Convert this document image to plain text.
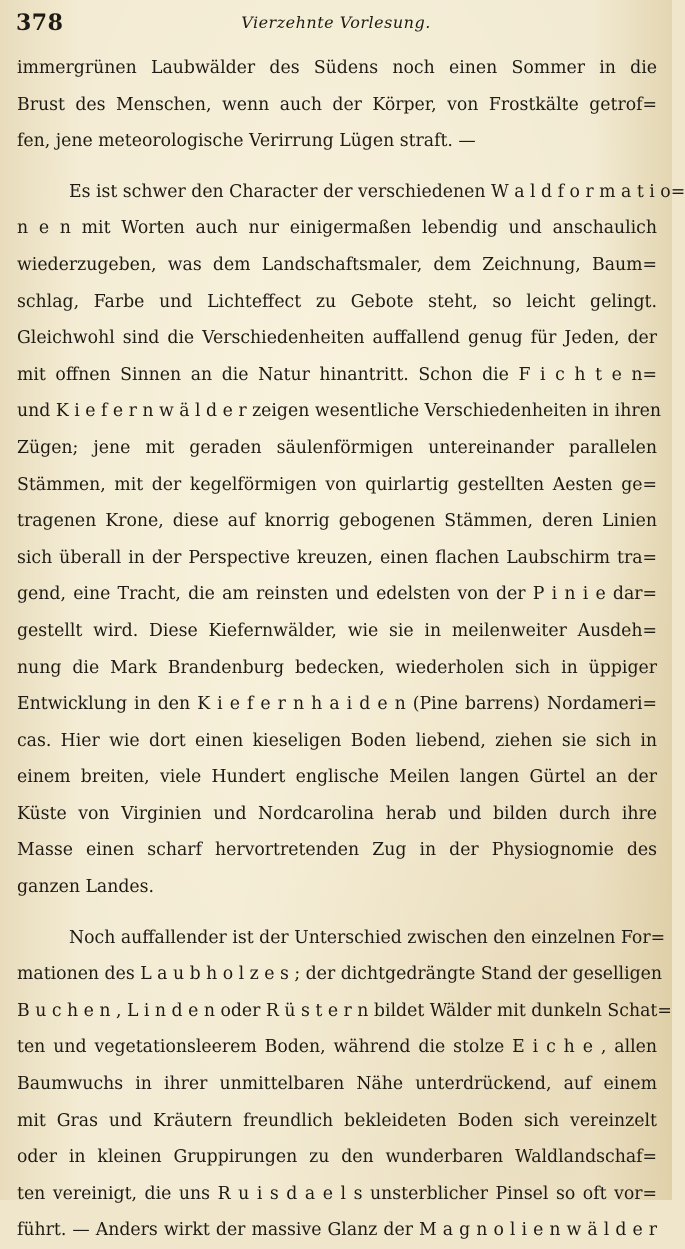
378	Vierzehnte Vorlesung.
immergrünen Laubwälder des Südens noch einen Sommer in die
Brust des Menschen, wenn auch der Körper, von Frostkälte getrof=
fen, jene meteorologische Verirrung Lügen straft. —
Es ist schwer den Character der verschiedenen W a l d f o r m a t i o=
n e n mit Worten auch nur einigermaßen lebendig und anschaulich
wiederzugeben, was dem Landschaftsmaler, dem Zeichnung, Baum=
schlag, Farbe und Lichteffect zu Gebote steht, so leicht gelingt.
Gleichwohl sind die Verschiedenheiten auffallend genug für Jeden, der
mit offnen Sinnen an die Natur hinantritt. Schon die F i c h t e n=
und K i e f e r n w ä l d e r zeigen wesentliche Verschiedenheiten in ihren
Zügen; jene mit geraden säulenförmigen untereinander parallelen
Stämmen, mit der kegelförmigen von quirlartig gestellten Aesten ge=
tragenen Krone, diese auf knorrig gebogenen Stämmen, deren Linien
sich überall in der Perspective kreuzen, einen flachen Laubschirm tra=
gend, eine Tracht, die am reinsten und edelsten von der P i n i e dar=
gestellt wird. Diese Kiefernwälder, wie sie in meilenweiter Ausdeh=
nung die Mark Brandenburg bedecken, wiederholen sich in üppiger
Entwicklung in den K i e f e r n h a i d e n (Pine barrens) Nordameri=
cas. Hier wie dort einen kieseligen Boden liebend, ziehen sie sich in
einem breiten, viele Hundert englische Meilen langen Gürtel an der
Küste von Virginien und Nordcarolina herab und bilden durch ihre
Masse einen scharf hervortretenden Zug in der Physiognomie des
ganzen Landes.
Noch auffallender ist der Unterschied zwischen den einzelnen For=
mationen des L a u b h o l z e s ; der dichtgedrängte Stand der geselligen
B u c h e n , L i n d e n oder R ü s t e r n bildet Wälder mit dunkeln Schat=
ten und vegetationsleerem Boden, während die stolze E i c h e , allen
Baumwuchs in ihrer unmittelbaren Nähe unterdrückend, auf einem
mit Gras und Kräutern freundlich bekleideten Boden sich vereinzelt
oder in kleinen Gruppirungen zu den wunderbaren Waldlandschaf=
ten vereinigt, die uns R u i s d a e l s unsterblicher Pinsel so oft vor=
führt. — Anders wirkt der massive Glanz der M a g n o l i e n w ä l d e r
